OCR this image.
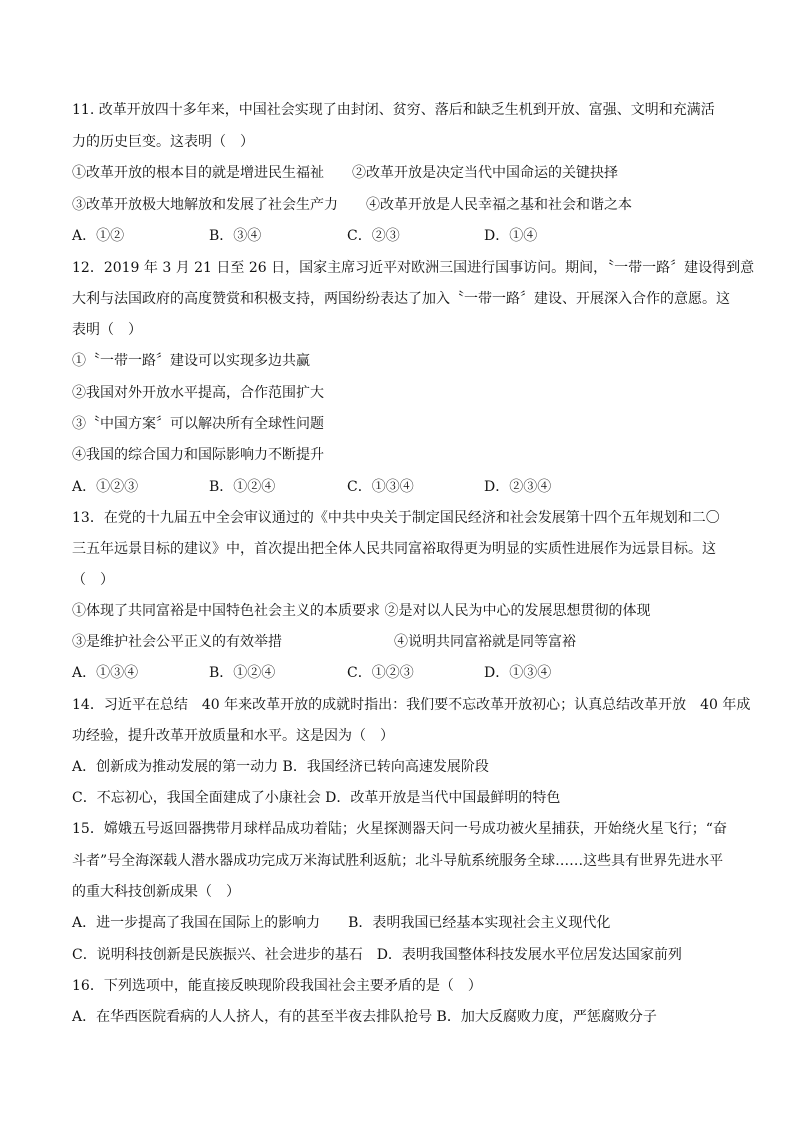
11. 改革开放四十多年来，中国社会实现了由封闭、贫穷、落后和缺乏生机到开放、富强、文明和充满活
力的历史巨变。这表明（　）
①改革开放的根本目的就是增进民生福祉　　②改革开放是决定当代中国命运的关键抉择
③改革开放极大地解放和发展了社会生产力　　④改革开放是人民幸福之基和社会和谐之本
A．①②	B．③④	C．②③	D．①④
12．2019 年 3 月 21 日至 26 日，国家主席习近平对欧洲三国进行国事访问。期间，〝一带一路〞建设得到意
大利与法国政府的高度赞赏和积极支持，两国纷纷表达了加入〝一带一路〞建设、开展深入合作的意愿。这
表明（　）
①〝一带一路〞建设可以实现多边共赢
②我国对外开放水平提高，合作范围扩大
③〝中国方案〞可以解决所有全球性问题
④我国的综合国力和国际影响力不断提升
A．①②③	B．①②④	C．①③④	D．②③④
13．在党的十九届五中全会审议通过的《中共中央关于制定国民经济和社会发展第十四个五年规划和二〇
三五年远景目标的建议》中，首次提出把全体人民共同富裕取得更为明显的实质性进展作为远景目标。这
（　）
①体现了共同富裕是中国特色社会主义的本质要求 ②是对以人民为中心的发展思想贯彻的体现
③是维护社会公平正义的有效举措　　　　　　　　④说明共同富裕就是同等富裕
A．①③④	B．①②④	C．①②③	D．①③④
14．习近平在总结　40 年来改革开放的成就时指出：我们要不忘改革开放初心；认真总结改革开放　40 年成
功经验，提升改革开放质量和水平。这是因为（　）
A．创新成为推动发展的第一动力 B．我国经济已转向高速发展阶段
C．不忘初心，我国全面建成了小康社会 D．改革开放是当代中国最鲜明的特色
15．嫦娥五号返回器携带月球样品成功着陆；火星探测器天问一号成功被火星捕获，开始绕火星飞行；“奋
斗者”号全海深载人潜水器成功完成万米海试胜利返航；北斗导航系统服务全球……这些具有世界先进水平
的重大科技创新成果（　）
A．进一步提高了我国在国际上的影响力　　B．表明我国已经基本实现社会主义现代化
C．说明科技创新是民族振兴、社会进步的基石　D．表明我国整体科技发展水平位居发达国家前列
16．下列选项中，能直接反映现阶段我国社会主要矛盾的是（　）
A．在华西医院看病的人人挤人，有的甚至半夜去排队抢号 B．加大反腐败力度，严惩腐败分子
